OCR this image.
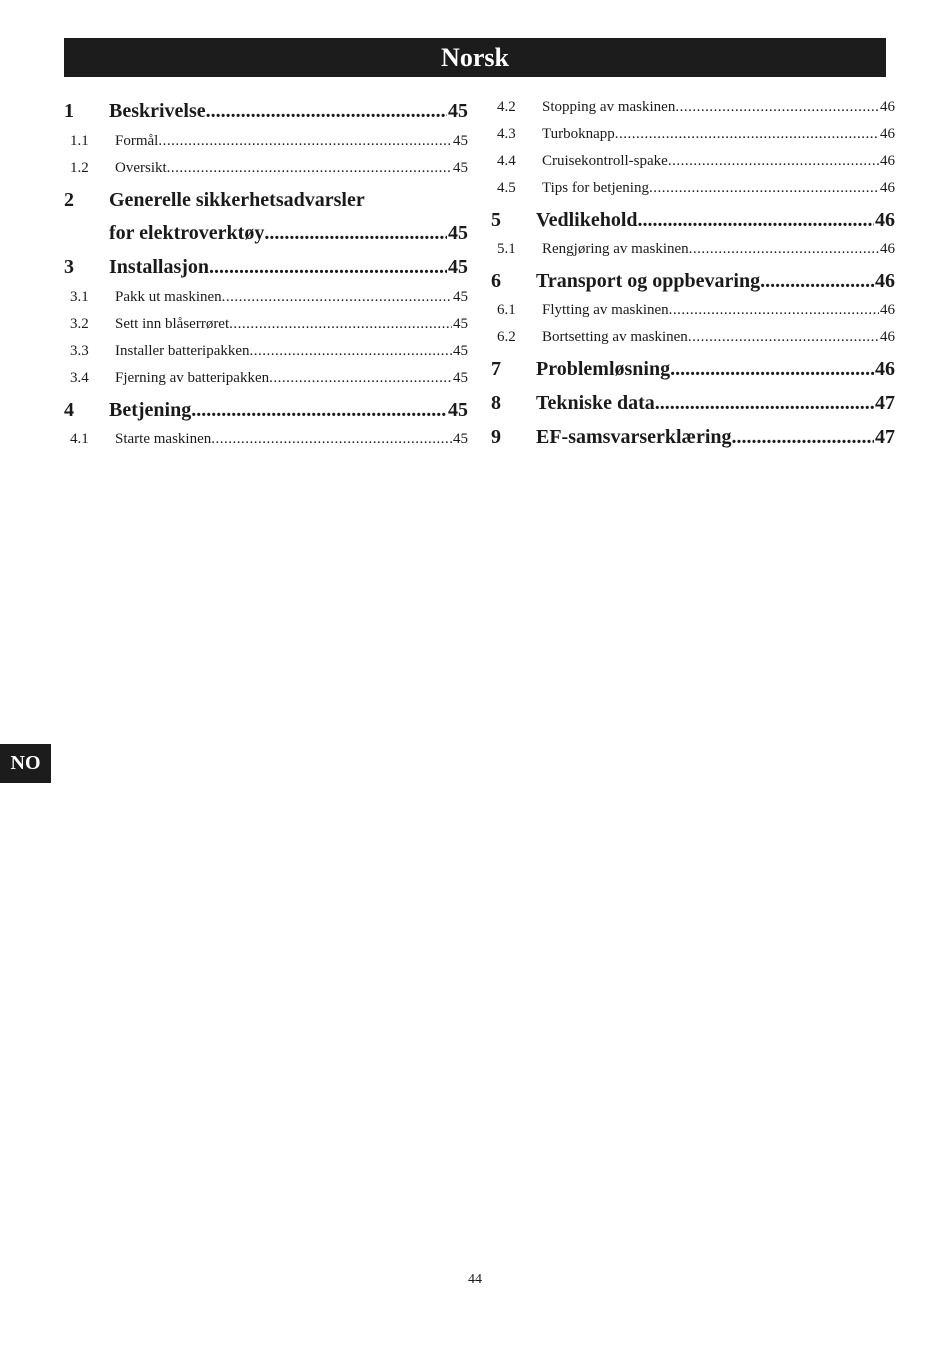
Norsk
1	Beskrivelse .....	45
1.1	Formål .....	45
1.2	Oversikt .....	45
2	Generelle sikkerhetsadvarsler
for elektroverktøy .....	45
3	Installasjon .....	45
3.1	Pakk ut maskinen .....	45
3.2	Sett inn blåserrøret .....	45
3.3	Installer batteripakken .....	45
3.4	Fjerning av batteripakken .....	45
4	Betjening .....	45
4.1	Starte maskinen .....	45
4.2	Stopping av maskinen .....	46
4.3	Turboknapp .....	46
4.4	Cruisekontroll-spake .....	46
4.5	Tips for betjening .....	46
5	Vedlikehold .....	46
5.1	Rengjøring av maskinen .....	46
6	Transport og oppbevaring .....	46
6.1	Flytting av maskinen .....	46
6.2	Bortsetting av maskinen .....	46
7	Problemløsning .....	46
8	Tekniske data .....	47
9	EF-samsvarserklæring .....	47
NO
44
